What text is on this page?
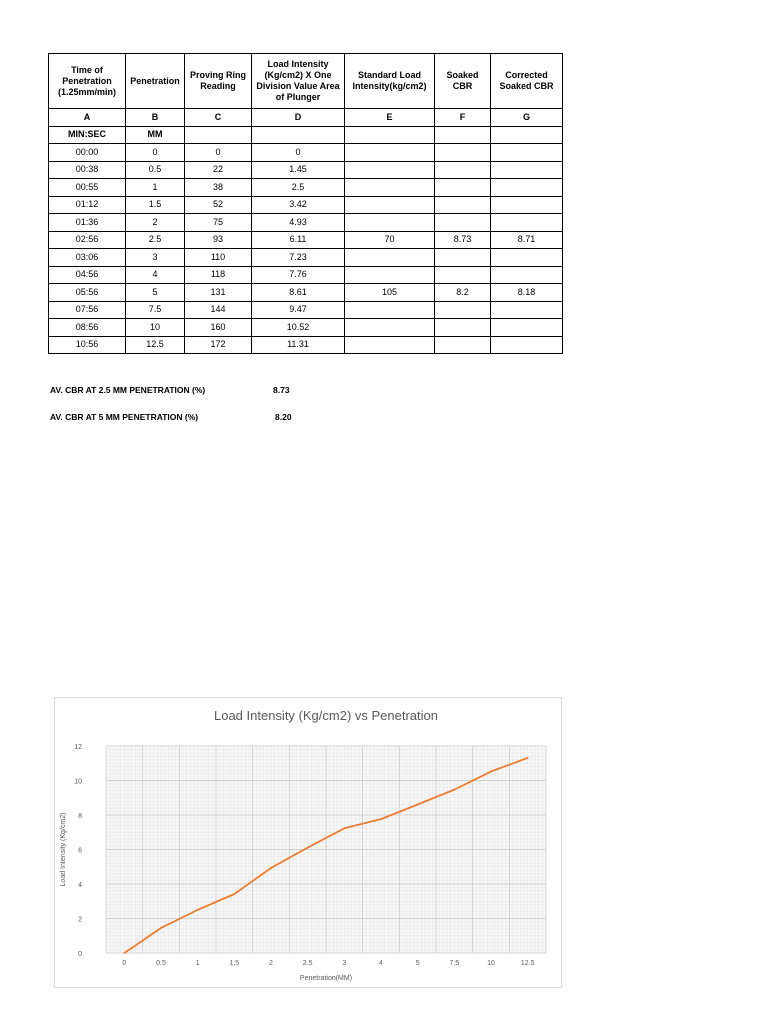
Time of Penetration (1.25mm/min)	Penetration	Proving Ring Reading	Load Intensity (Kg/cm2) X One Division Value Area of Plunger	Standard Load Intensity(kg/cm2)	Soaked CBR	Corrected Soaked CBR
A	B	C	D	E	F	G
MIN:SEC	MM					
00:00	0	0	0			
00:38	0.5	22	1.45			
00:55	1	38	2.5			
01:12	1.5	52	3.42			
01:36	2	75	4.93			
02:56	2.5	93	6.11	70	8.73	8.71
03:06	3	110	7.23			
04:56	4	118	7.76			
05:56	5	131	8.61	105	8.2	8.18
07:56	7.5	144	9.47			
08:56	10	160	10.52			
10:56	12.5	172	11.31			
AV. CBR AT 2.5 MM PENETRATION (%)	8.73
AV. CBR AT 5 MM PENETRATION (%)	8.20
0
2
4
6
8
10
12
0	0.5	1	1.5	2	2.5	3	4	5	7.5	10	12.5
Load Intensity (Kg/cm2) vs Penetration
Penetration(MM)
Load Intensity (Kg/cm2)
